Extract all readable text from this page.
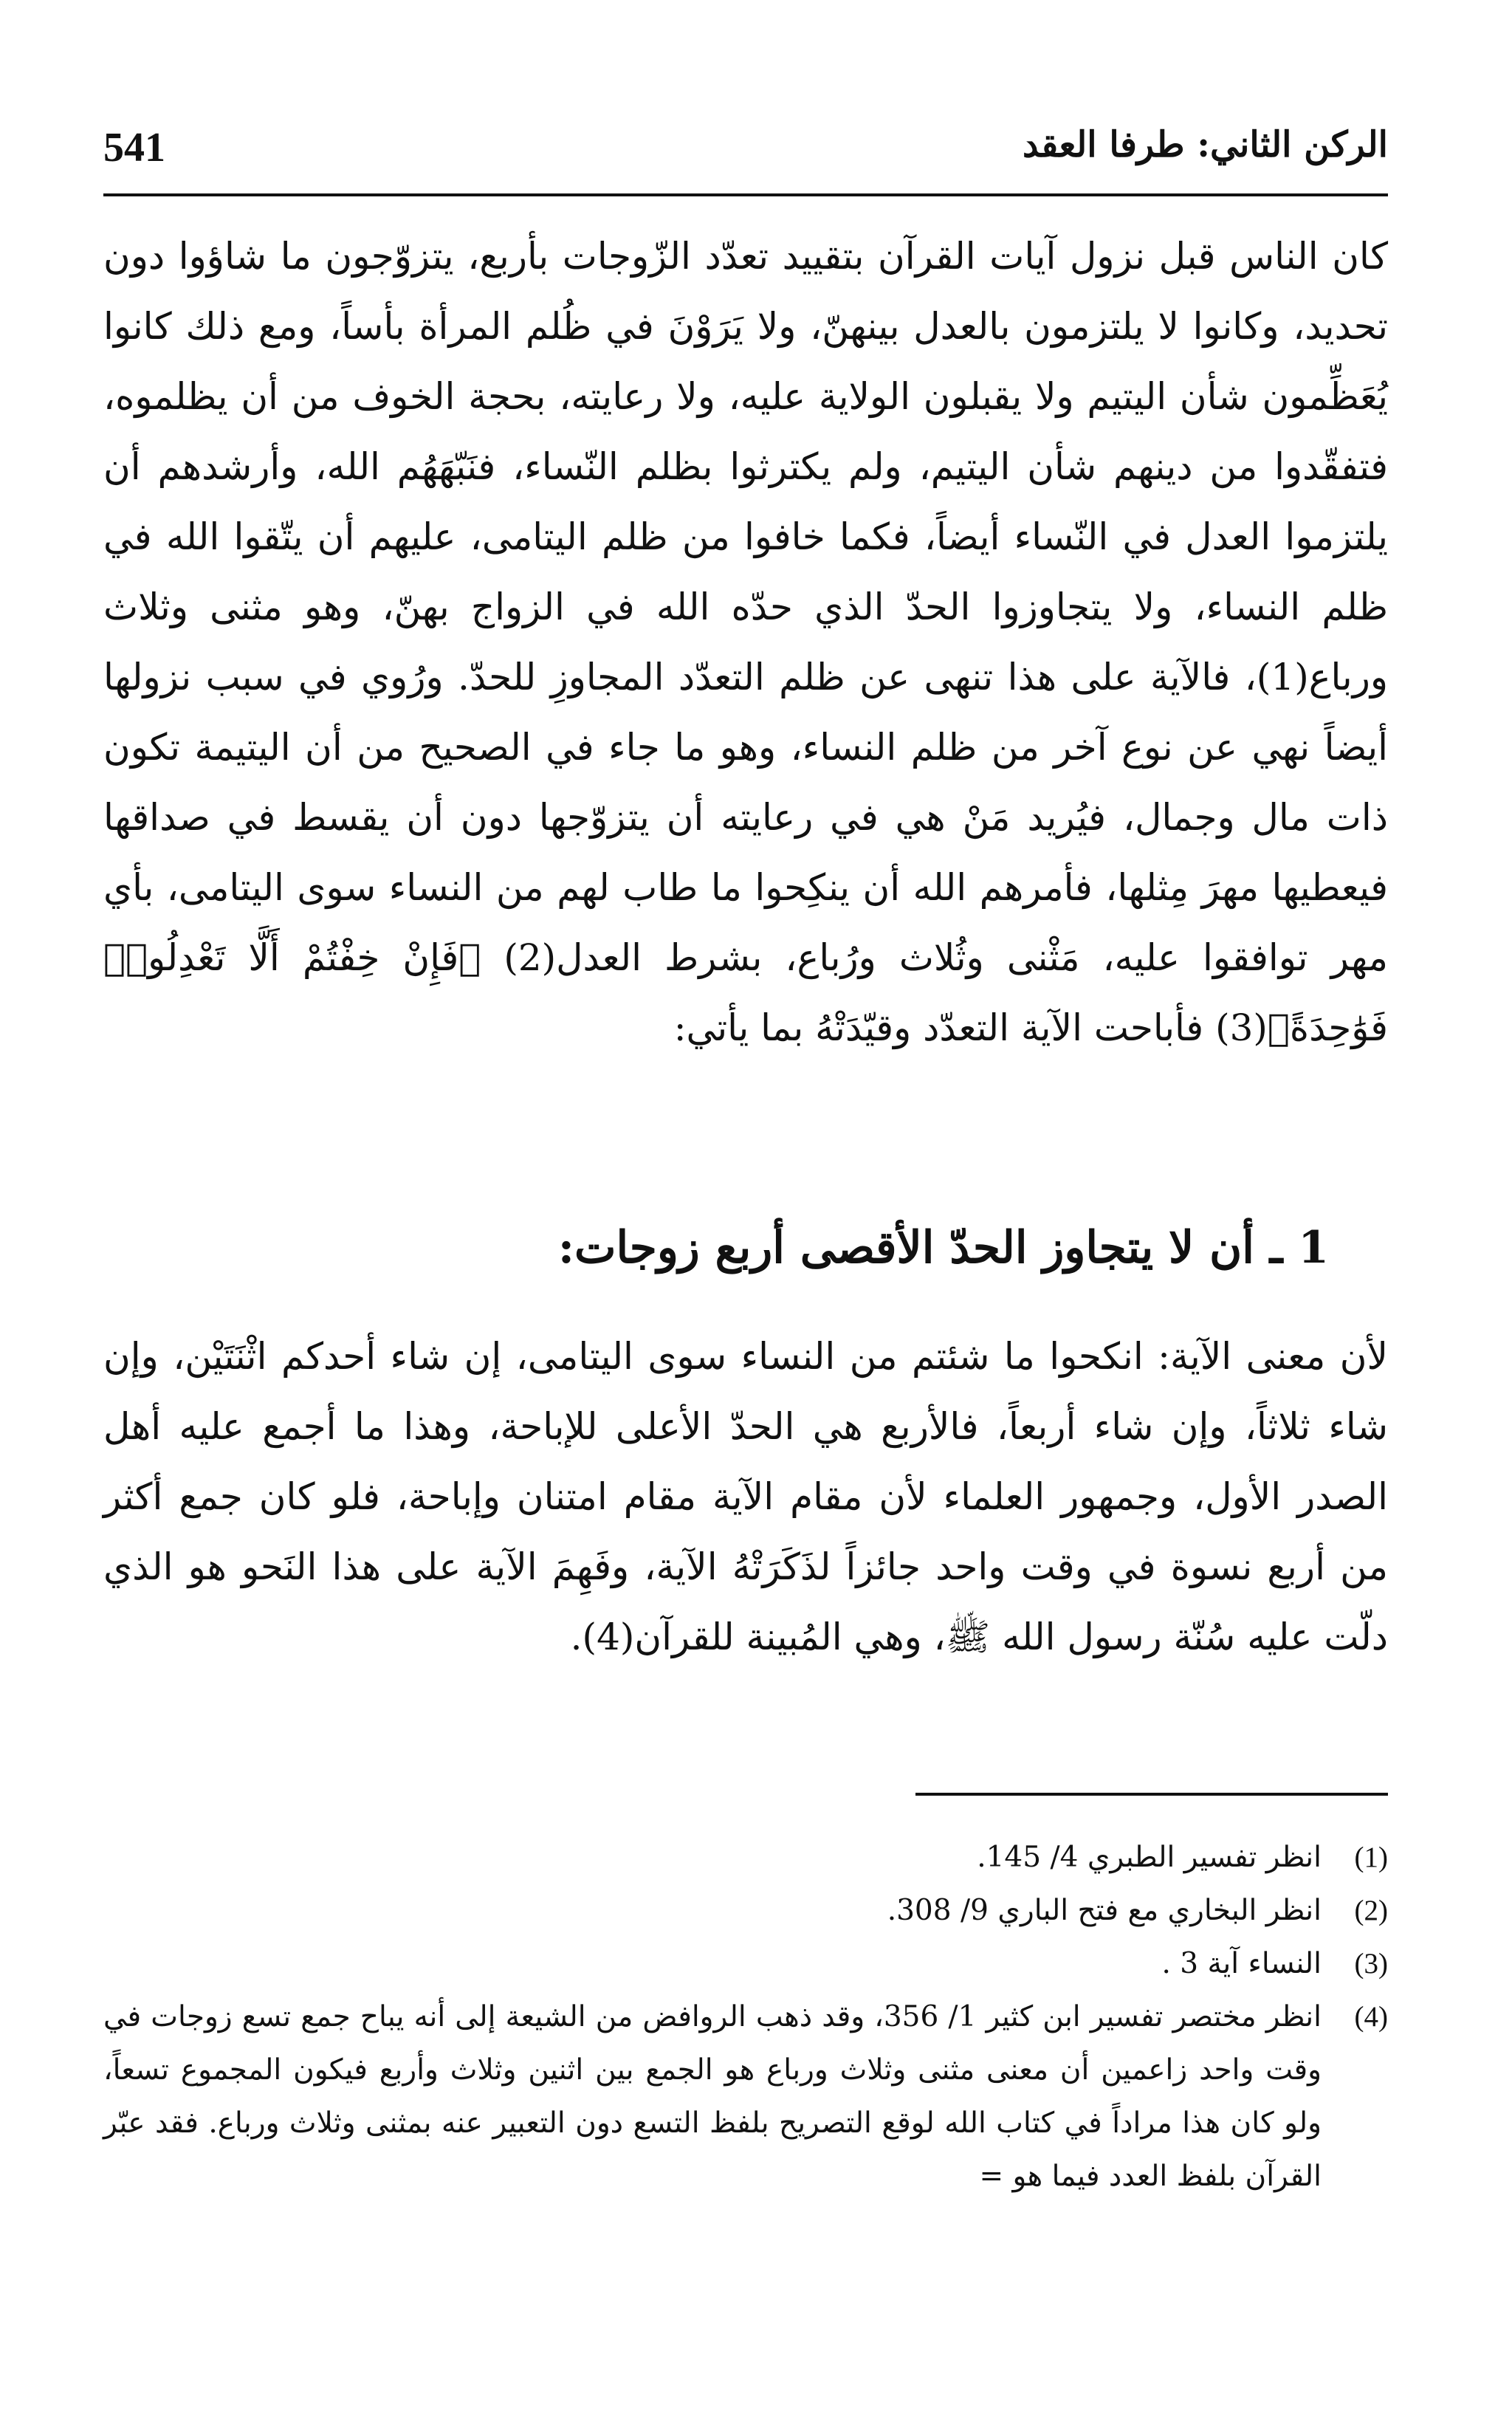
541	الركن الثاني: طرفا العقد

كان الناس قبل نزول آيات القرآن بتقييد تعدّد الزّوجات بأربع، يتزوّجون ما شاؤوا دون تحديد، وكانوا لا يلتزمون بالعدل بينهنّ، ولا يَرَوْنَ في ظُلم المرأة بأساً، ومع ذلك كانوا يُعَظِّمون شأن اليتيم ولا يقبلون الولاية عليه، ولا رعايته، بحجة الخوف من أن يظلموه، فتفقّدوا من دينهم شأن اليتيم، ولم يكترثوا بظلم النّساء، فنَبّهَهُم الله، وأرشدهم أن يلتزموا العدل في النّساء أيضاً، فكما خافوا من ظلم اليتامى، عليهم أن يتّقوا الله في ظلم النساء، ولا يتجاوزوا الحدّ الذي حدّه الله في الزواج بهنّ، وهو مثنى وثلاث ورباع(1)، فالآية على هذا تنهى عن ظلم التعدّد المجاوزِ للحدّ. ورُوي في سبب نزولها أيضاً نهي عن نوع آخر من ظلم النساء، وهو ما جاء في الصحيح من أن اليتيمة تكون ذات مال وجمال، فيُريد مَنْ هي في رعايته أن يتزوّجها دون أن يقسط في صداقها فيعطيها مهرَ مِثلها، فأمرهم الله أن ينكِحوا ما طاب لهم من النساء سوى اليتامى، بأي مهر توافقوا عليه، مَثْنى وثُلاث ورُباع، بشرط العدل(2) ﴿فَإِنْ خِفْتُمْ أَلَّا تَعْدِلُوا۟ فَوَٰحِدَةً﴾(3) فأباحت الآية التعدّد وقيّدَتْهُ بما يأتي:

1 ـ أن لا يتجاوز الحدّ الأقصى أربع زوجات:

لأن معنى الآية: انكحوا ما شئتم من النساء سوى اليتامى، إن شاء أحدكم اثْنَتَيْن، وإن شاء ثلاثاً، وإن شاء أربعاً، فالأربع هي الحدّ الأعلى للإباحة، وهذا ما أجمع عليه أهل الصدر الأول، وجمهور العلماء لأن مقام الآية مقام امتنان وإباحة، فلو كان جمع أكثر من أربع نسوة في وقت واحد جائزاً لذَكَرَتْهُ الآية، وفَهِمَ الآية على هذا النَحو هو الذي دلّت عليه سُنّة رسول الله ﷺ، وهي المُبينة للقرآن(4).

(1)
انظر تفسير الطبري 4/ 145.
(2)
انظر البخاري مع فتح الباري 9/ 308.
(3)
النساء آية 3 .
(4)
انظر مختصر تفسير ابن كثير 1/ 356، وقد ذهب الروافض من الشيعة إلى أنه يباح جمع تسع زوجات في وقت واحد زاعمين أن معنى مثنى وثلاث ورباع هو الجمع بين اثنين وثلاث وأربع فيكون المجموع تسعاً، ولو كان هذا مراداً في كتاب الله لوقع التصريح بلفظ التسع دون التعبير عنه بمثنى وثلاث ورباع. فقد عبّر القرآن بلفظ العدد فيما هو =
